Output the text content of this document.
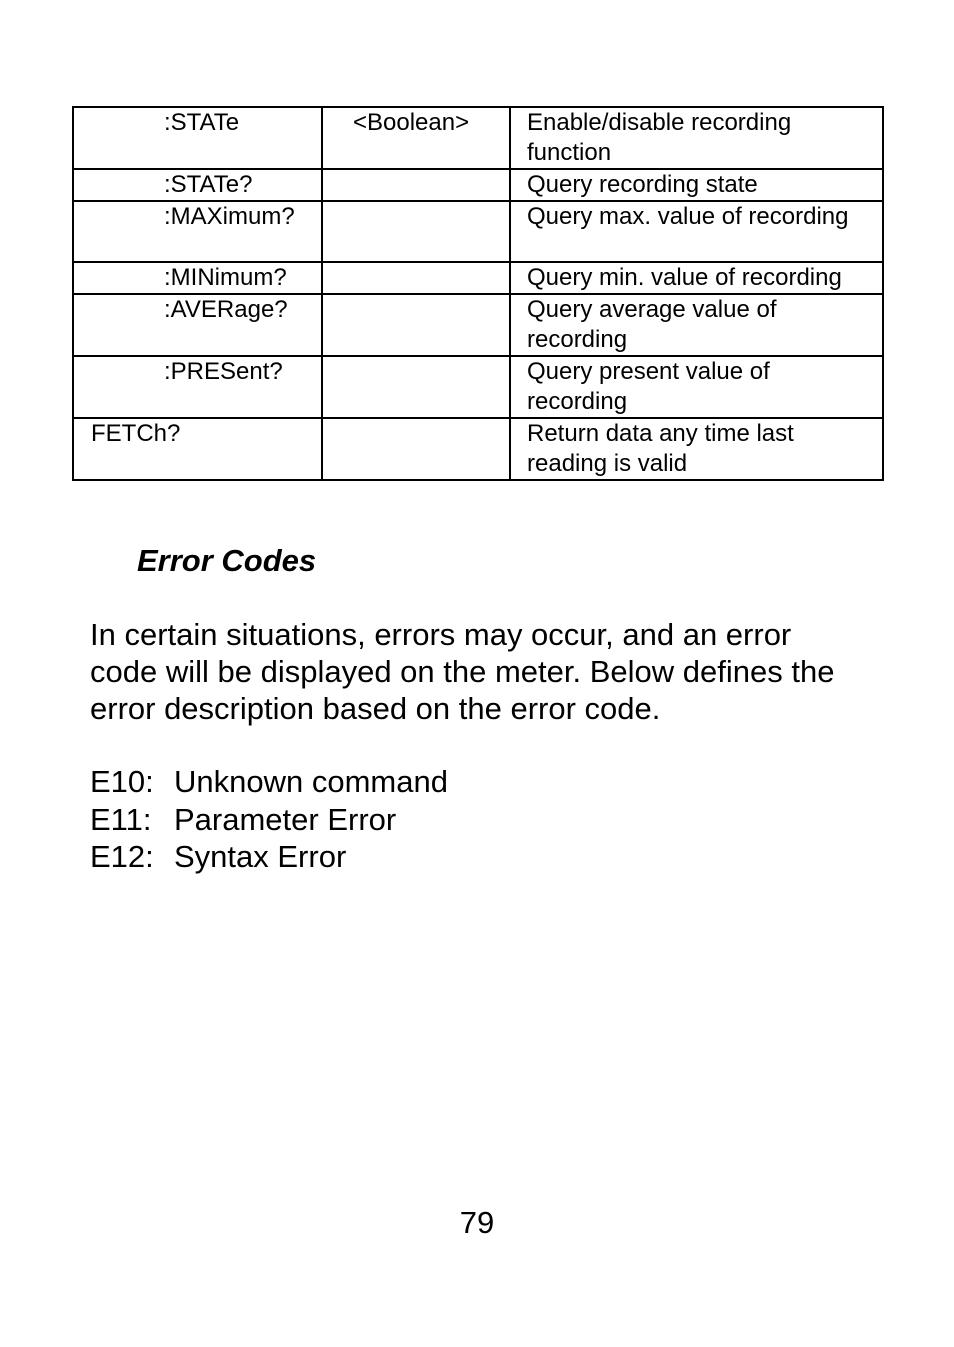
:STATe	<Boolean>	Enable/disable recording function
:STATe?		Query recording state
:MAXimum?		Query max. value of recording
:MINimum?		Query min. value of recording
:AVERage?		Query average value of recording
:PRESent?		Query present value of recording
FETCh?		Return data any time last reading is valid
Error Codes

In certain situations, errors may occur, and an error code will be displayed on the meter. Below defines the error description based on the error code.

E10: Unknown command
E11: Parameter Error
E12: Syntax Error
79
